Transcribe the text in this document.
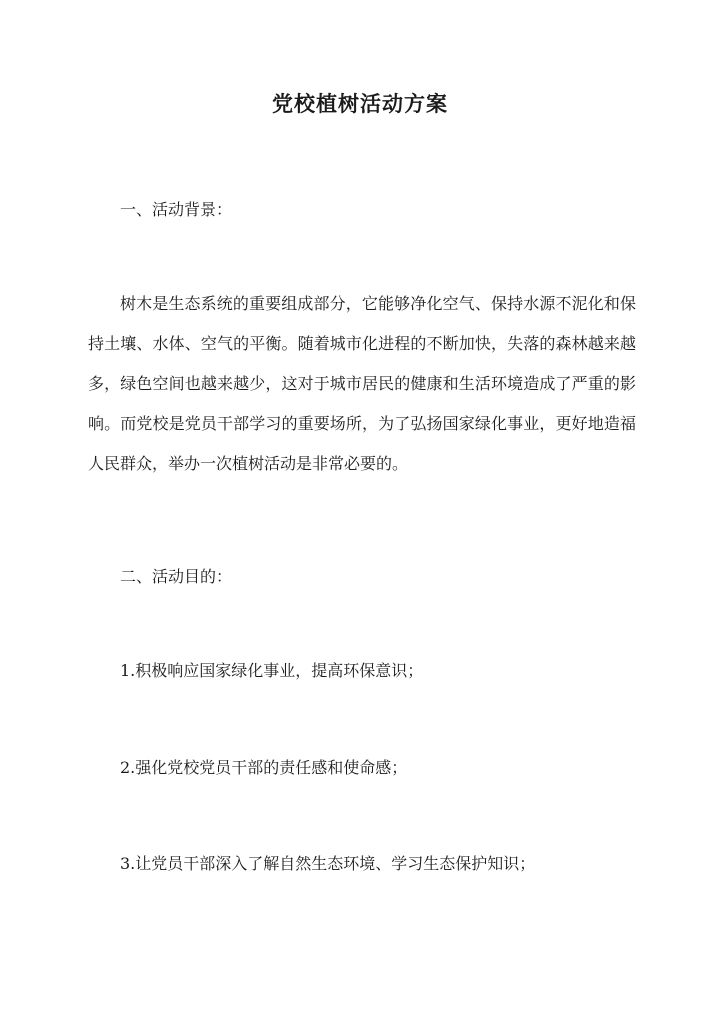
党校植树活动方案
一、活动背景：

树木是生态系统的重要组成部分，它能够净化空气、保持水源不泥化和保持土壤、水体、空气的平衡。随着城市化进程的不断加快，失落的森林越来越多，绿色空间也越来越少，这对于城市居民的健康和生活环境造成了严重的影响。而党校是党员干部学习的重要场所，为了弘扬国家绿化事业，更好地造福人民群众，举办一次植树活动是非常必要的。

二、活动目的：
1.积极响应国家绿化事业，提高环保意识；
2.强化党校党员干部的责任感和使命感；
3.让党员干部深入了解自然生态环境、学习生态保护知识；
